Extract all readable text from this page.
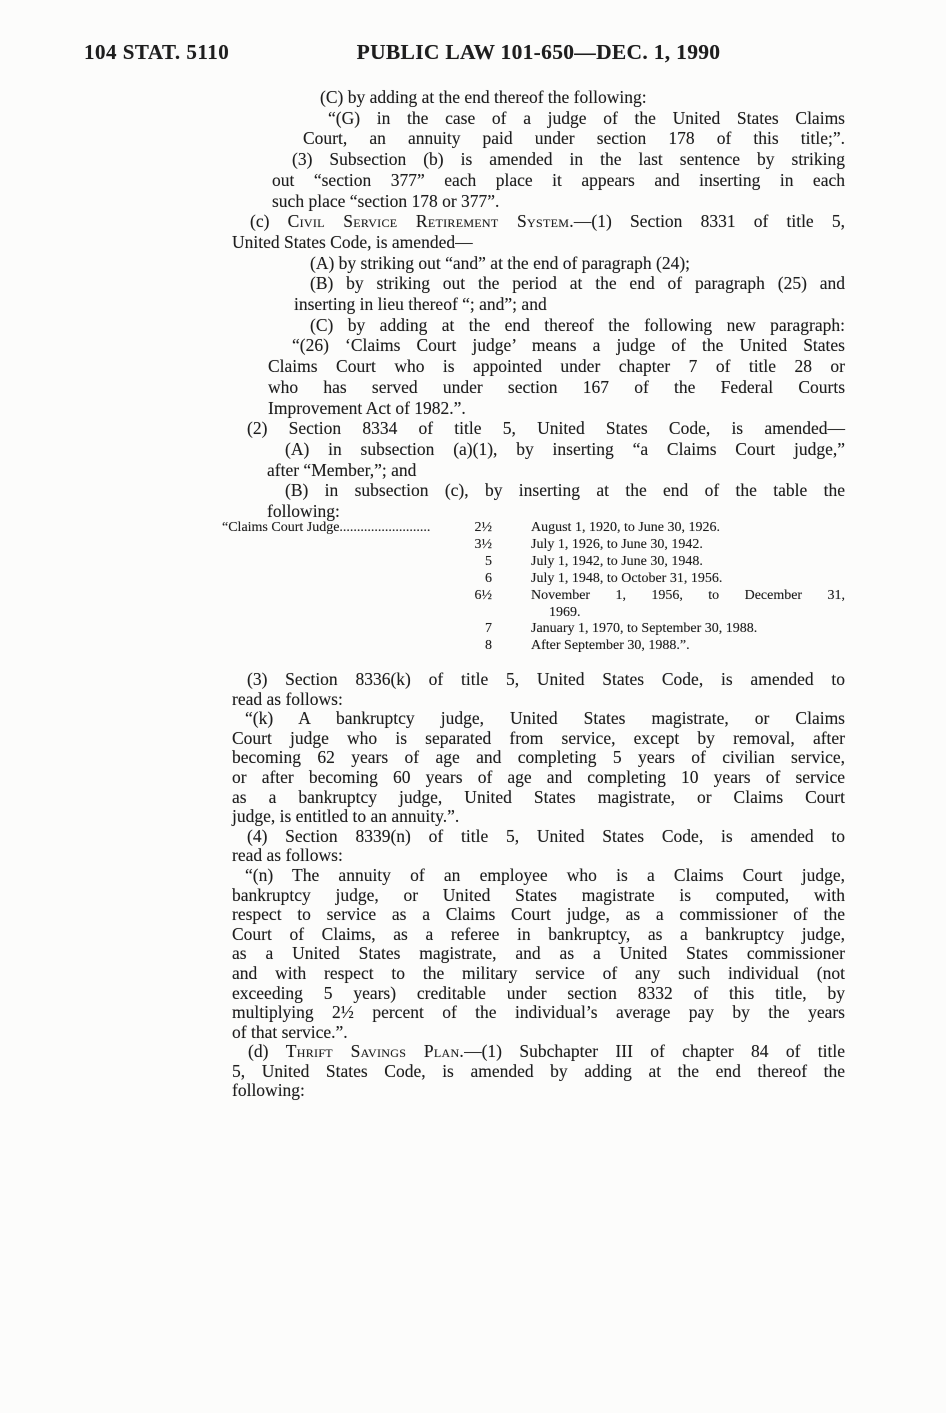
104 STAT. 5110	PUBLIC LAW 101-650—DEC. 1, 1990
(C) by adding at the end thereof the following:
“(G) in the case of a judge of the United States Claims
Court, an annuity paid under section 178 of this title;”.
(3) Subsection (b) is amended in the last sentence by striking
out “section 377” each place it appears and inserting in each
such place “section 178 or 377”.
(c) Civil Service Retirement System.—(1) Section 8331 of title 5,
United States Code, is amended—
(A) by striking out “and” at the end of paragraph (24);
(B) by striking out the period at the end of paragraph (25) and
inserting in lieu thereof “; and”; and
(C) by adding at the end thereof the following new paragraph:
“(26) ‘Claims Court judge’ means a judge of the United States
Claims Court who is appointed under chapter 7 of title 28 or
who has served under section 167 of the Federal Courts
Improvement Act of 1982.”.
(2) Section 8334 of title 5, United States Code, is amended—
(A) in subsection (a)(1), by inserting “a Claims Court judge,”
after “Member,”; and
(B) in subsection (c), by inserting at the end of the table the
following:
“Claims Court Judge..........................	2½	August 1, 1920, to June 30, 1926.
3½	July 1, 1926, to June 30, 1942.
5	July 1, 1942, to June 30, 1948.
6	July 1, 1948, to October 31, 1956.
6½	November 1, 1956, to December 31,
1969.
7	January 1, 1970, to September 30, 1988.
8	After September 30, 1988.”.
(3) Section 8336(k) of title 5, United States Code, is amended to
read as follows:
“(k) A bankruptcy judge, United States magistrate, or Claims
Court judge who is separated from service, except by removal, after
becoming 62 years of age and completing 5 years of civilian service,
or after becoming 60 years of age and completing 10 years of service
as a bankruptcy judge, United States magistrate, or Claims Court
judge, is entitled to an annuity.”.
(4) Section 8339(n) of title 5, United States Code, is amended to
read as follows:
“(n) The annuity of an employee who is a Claims Court judge,
bankruptcy judge, or United States magistrate is computed, with
respect to service as a Claims Court judge, as a commissioner of the
Court of Claims, as a referee in bankruptcy, as a bankruptcy judge,
as a United States magistrate, and as a United States commissioner
and with respect to the military service of any such individual (not
exceeding 5 years) creditable under section 8332 of this title, by
multiplying 2½ percent of the individual’s average pay by the years
of that service.”.
(d) Thrift Savings Plan.—(1) Subchapter III of chapter 84 of title
5, United States Code, is amended by adding at the end thereof the
following:
